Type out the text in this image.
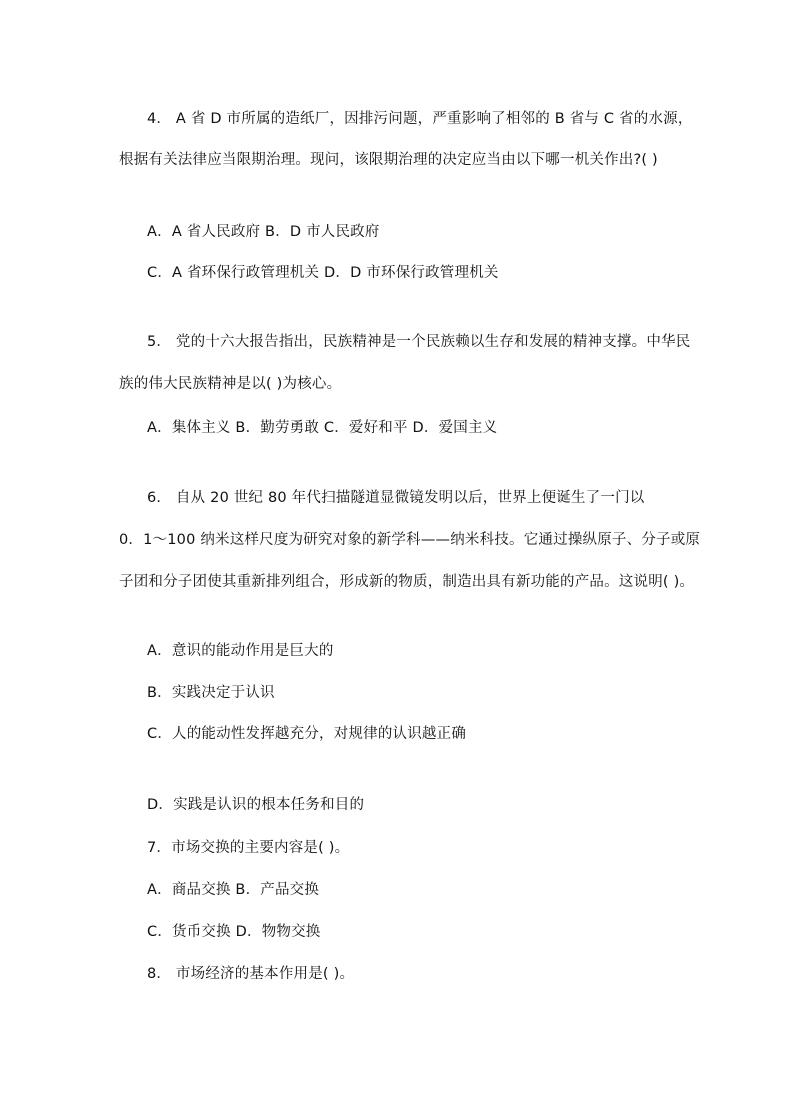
4． A 省 D 市所属的造纸厂，因排污问题，严重影响了相邻的 B 省与 C 省的水源，
根据有关法律应当限期治理。现问，该限期治理的决定应当由以下哪一机关作出?( )
A．A 省人民政府 B．D 市人民政府
C．A 省环保行政管理机关 D．D 市环保行政管理机关
5． 党的十六大报告指出，民族精神是一个民族赖以生存和发展的精神支撑。中华民
族的伟大民族精神是以( )为核心。
A．集体主义 B．勤劳勇敢 C．爱好和平 D．爱国主义
6． 自从 20 世纪 80 年代扫描隧道显微镜发明以后，世界上便诞生了一门以
0．1～100 纳米这样尺度为研究对象的新学科——纳米科技。它通过操纵原子、分子或原
子团和分子团使其重新排列组合，形成新的物质，制造出具有新功能的产品。这说明( )。
A．意识的能动作用是巨大的
B．实践决定于认识
C．人的能动性发挥越充分，对规律的认识越正确
D．实践是认识的根本任务和目的
7．市场交换的主要内容是( )。
A．商品交换 B．产品交换
C．货币交换 D．物物交换
8． 市场经济的基本作用是( )。
